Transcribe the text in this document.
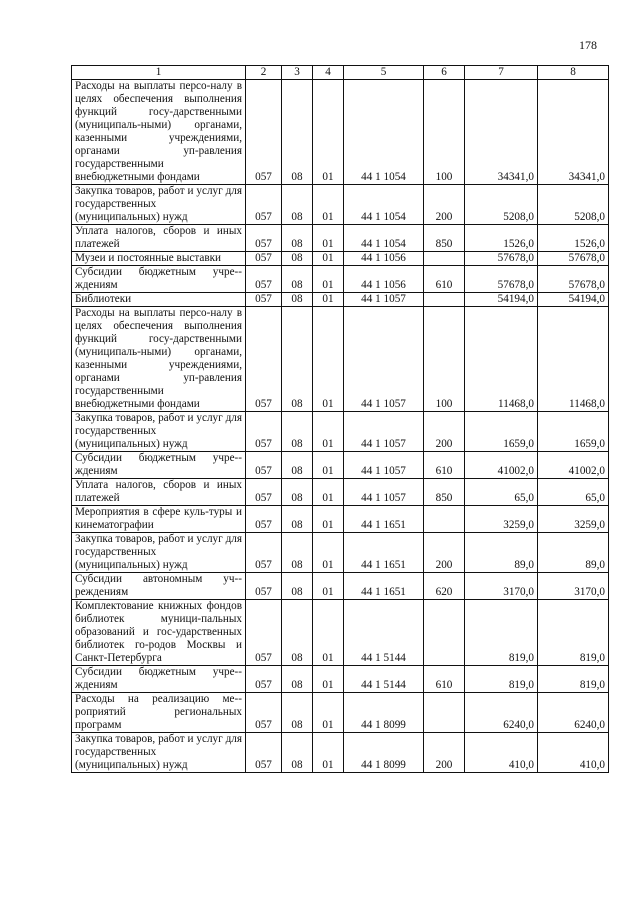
178
1	2	3	4	5	6	7	8
Расходы на выплаты персо-налу в целях обеспечения выполнения функций госу-дарственными (муниципаль-ными) органами, казенными учреждениями, органами уп-равления государственными внебюджетными фондами	057	08	01	44 1 1054	100	34341,0	34341,0
Закупка товаров, работ и услуг для государственных (муниципальных) нужд	057	08	01	44 1 1054	200	5208,0	5208,0
Уплата налогов, сборов и иных платежей	057	08	01	44 1 1054	850	1526,0	1526,0
Музеи и постоянные выставки	057	08	01	44 1 1056		57678,0	57678,0
Субсидии бюджетным учре-ждениям	057	08	01	44 1 1056	610	57678,0	57678,0
Библиотеки	057	08	01	44 1 1057		54194,0	54194,0
Расходы на выплаты персо-налу в целях обеспечения выполнения функций госу-дарственными (муниципаль-ными) органами, казенными учреждениями, органами уп-равления государственными внебюджетными фондами	057	08	01	44 1 1057	100	11468,0	11468,0
Закупка товаров, работ и услуг для государственных (муниципальных) нужд	057	08	01	44 1 1057	200	1659,0	1659,0
Субсидии бюджетным учре-ждениям	057	08	01	44 1 1057	610	41002,0	41002,0
Уплата налогов, сборов и иных платежей	057	08	01	44 1 1057	850	65,0	65,0
Мероприятия в сфере куль-туры и кинематографии	057	08	01	44 1 1651		3259,0	3259,0
Закупка товаров, работ и услуг для государственных (муниципальных) нужд	057	08	01	44 1 1651	200	89,0	89,0
Субсидии автономным уч-реждениям	057	08	01	44 1 1651	620	3170,0	3170,0
Комплектование книжных фондов библиотек муници-пальных образований и гос-ударственных библиотек го-родов Москвы и Санкт-Петербурга	057	08	01	44 1 5144		819,0	819,0
Субсидии бюджетным учре-ждениям	057	08	01	44 1 5144	610	819,0	819,0
Расходы на реализацию ме-роприятий региональных программ	057	08	01	44 1 8099		6240,0	6240,0
Закупка товаров, работ и услуг для государственных (муниципальных) нужд	057	08	01	44 1 8099	200	410,0	410,0
